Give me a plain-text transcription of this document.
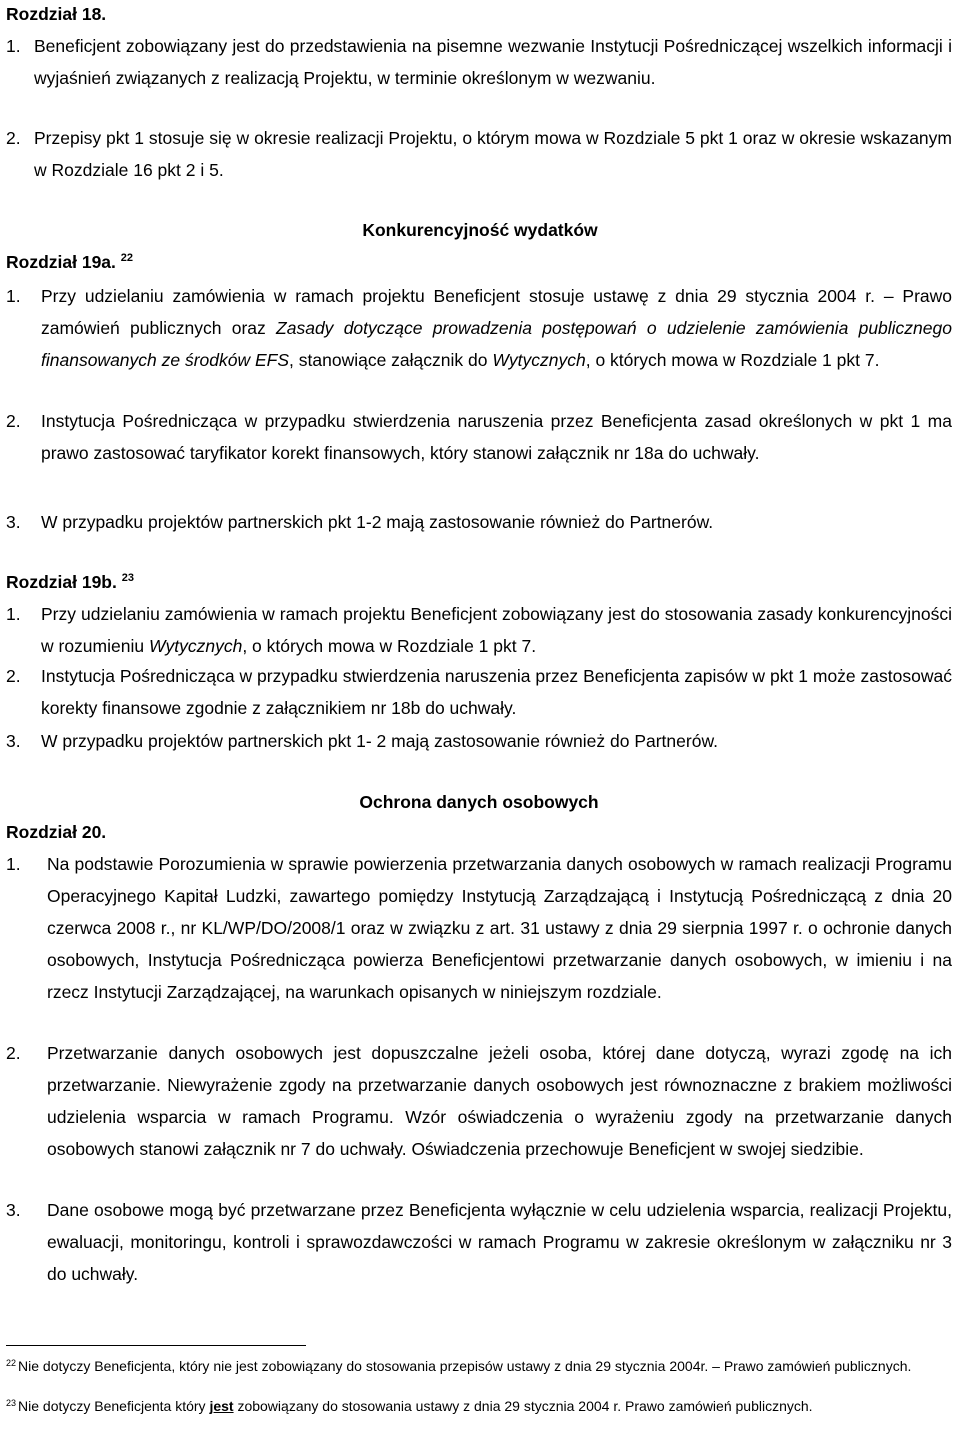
Rozdział 18.
1. Beneficjent zobowiązany jest do przedstawienia na pisemne wezwanie Instytucji Pośredniczącej wszelkich informacji i wyjaśnień związanych z realizacją Projektu, w terminie określonym w wezwaniu.
2. Przepisy pkt 1 stosuje się w okresie realizacji Projektu, o którym mowa w Rozdziale 5 pkt 1 oraz w okresie wskazanym w Rozdziale 16 pkt 2 i 5.
Konkurencyjność wydatków
Rozdział 19a. $^{22}$
1. Przy udzielaniu zamówienia w ramach projektu Beneficjent stosuje ustawę z dnia 29 stycznia 2004 r. – Prawo zamówień publicznych oraz Zasady dotyczące prowadzenia postępowań o udzielenie zamówienia publicznego finansowanych ze środków EFS, stanowiące załącznik do Wytycznych, o których mowa w Rozdziale 1 pkt 7.
2. Instytucja Pośrednicząca w przypadku stwierdzenia naruszenia przez Beneficjenta zasad określonych w pkt 1 ma prawo zastosować taryfikator korekt finansowych, który stanowi załącznik nr 18a do uchwały.
3. W przypadku projektów partnerskich pkt 1-2 mają zastosowanie również do Partnerów.
Rozdział 19b. $^{23}$
1. Przy udzielaniu zamówienia w ramach projektu Beneficjent zobowiązany jest do stosowania zasady konkurencyjności w rozumieniu Wytycznych, o których mowa w Rozdziale 1 pkt 7.
2. Instytucja Pośrednicząca w przypadku stwierdzenia naruszenia przez Beneficjenta zapisów w pkt 1 może zastosować korekty finansowe zgodnie z załącznikiem nr 18b do uchwały.
3. W przypadku projektów partnerskich pkt 1- 2 mają zastosowanie również do Partnerów.
Ochrona danych osobowych
Rozdział 20.
1. Na podstawie Porozumienia w sprawie powierzenia przetwarzania danych osobowych w ramach realizacji Programu Operacyjnego Kapitał Ludzki, zawartego pomiędzy Instytucją Zarządzającą i Instytucją Pośredniczącą z dnia 20 czerwca 2008 r., nr KL/WP/DO/2008/1 oraz w związku z art. 31 ustawy z dnia 29 sierpnia 1997 r. o ochronie danych osobowych, Instytucja Pośrednicząca powierza Beneficjentowi przetwarzanie danych osobowych, w imieniu i na rzecz Instytucji Zarządzającej, na warunkach opisanych w niniejszym rozdziale.
2. Przetwarzanie danych osobowych jest dopuszczalne jeżeli osoba, której dane dotyczą, wyrazi zgodę na ich przetwarzanie. Niewyrażenie zgody na przetwarzanie danych osobowych jest równoznaczne z brakiem możliwości udzielenia wsparcia w ramach Programu. Wzór oświadczenia o wyrażeniu zgody na przetwarzanie danych osobowych stanowi załącznik nr 7 do uchwały. Oświadczenia przechowuje Beneficjent w swojej siedzibie.
3. Dane osobowe mogą być przetwarzane przez Beneficjenta wyłącznie w celu udzielenia wsparcia, realizacji Projektu, ewaluacji, monitoringu, kontroli i sprawozdawczości w ramach Programu w zakresie określonym w załączniku nr 3 do uchwały.
$^{22}$ Nie dotyczy Beneficjenta, który nie jest zobowiązany do stosowania przepisów ustawy z dnia 29 stycznia 2004r. – Prawo zamówień publicznych.
$^{23}$ Nie dotyczy Beneficjenta który jest zobowiązany do stosowania ustawy z dnia 29 stycznia 2004 r. Prawo zamówień publicznych.
